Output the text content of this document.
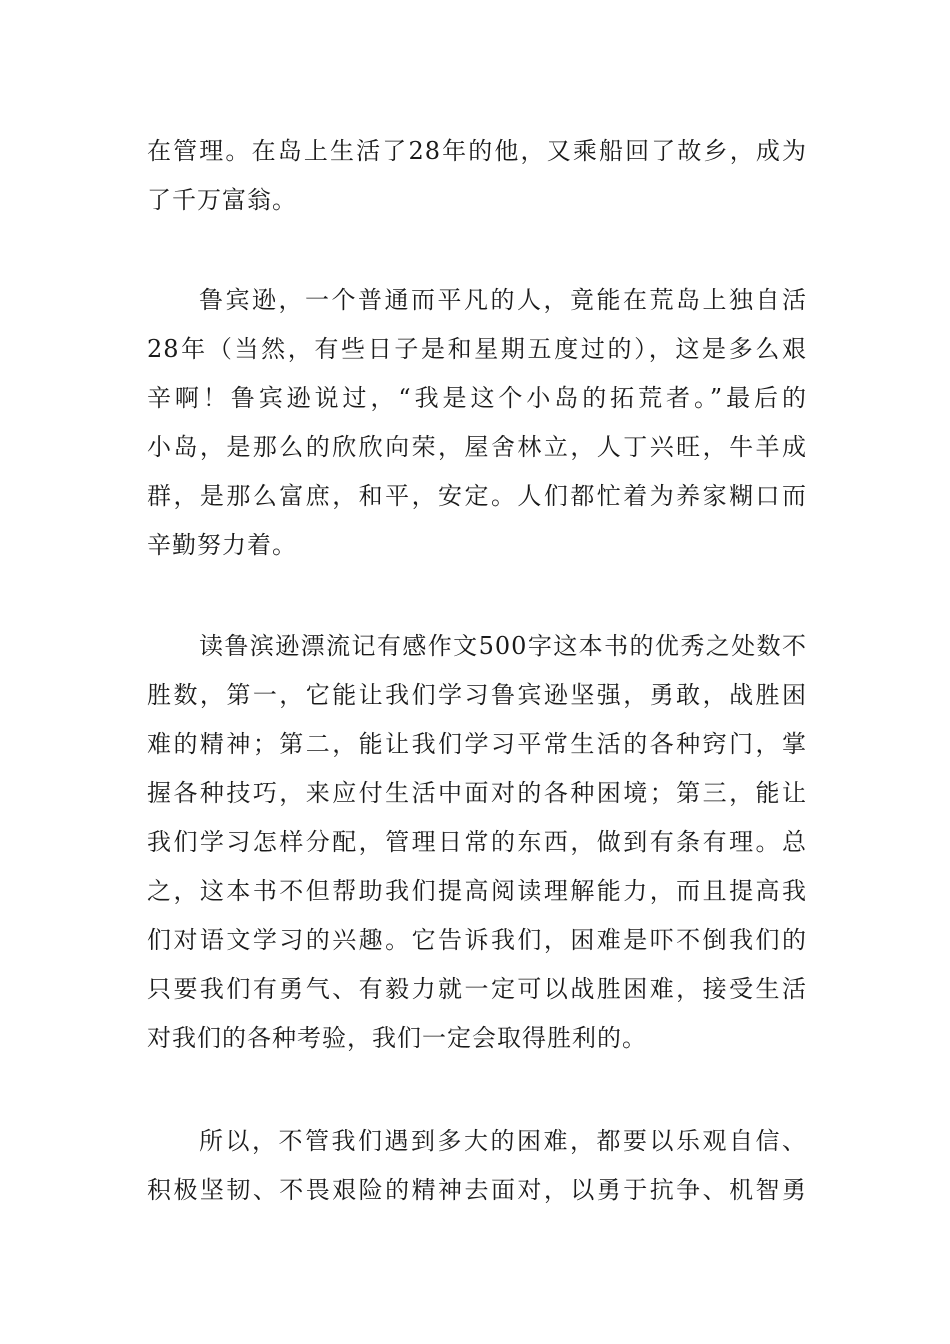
在管理。在岛上生活了28年的他，又乘船回了故乡，成为
了千万富翁。
鲁宾逊，一个普通而平凡的人，竟能在荒岛上独自活
28年（当然，有些日子是和星期五度过的），这是多么艰
辛啊！鲁宾逊说过，“我是这个小岛的拓荒者。”最后的
小岛，是那么的欣欣向荣，屋舍林立，人丁兴旺，牛羊成
群，是那么富庶，和平，安定。人们都忙着为养家糊口而
辛勤努力着。
读鲁滨逊漂流记有感作文500字这本书的优秀之处数不
胜数，第一，它能让我们学习鲁宾逊坚强，勇敢，战胜困
难的精神；第二，能让我们学习平常生活的各种窍门，掌
握各种技巧，来应付生活中面对的各种困境；第三，能让
我们学习怎样分配，管理日常的东西，做到有条有理。总
之，这本书不但帮助我们提高阅读理解能力，而且提高我
们对语文学习的兴趣。它告诉我们，困难是吓不倒我们的
只要我们有勇气、有毅力就一定可以战胜困难，接受生活
对我们的各种考验，我们一定会取得胜利的。
所以，不管我们遇到多大的困难，都要以乐观自信、
积极坚韧、不畏艰险的精神去面对，以勇于抗争、机智勇
